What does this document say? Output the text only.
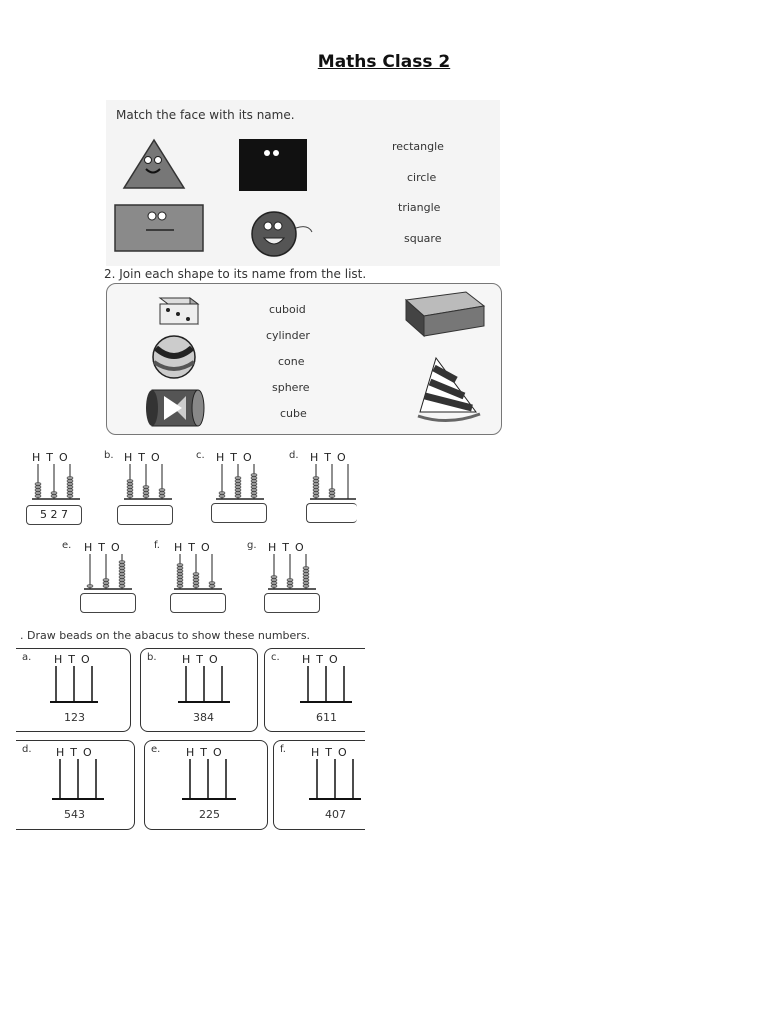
Maths Class 2
Match the face with its name.
rectangle
circle
triangle
square
2. Join each shape to its name from the list.
cuboid
cylinder
cone
sphere
cube
HTO
5 2 7
b. HTO	c. HTO	d. HTO
e. HTO	f. HTO	g. HTO
. Draw beads on the abacus to show these numbers.
a. HTO
123
b. HTO
384
c. HTO
611
d. HTO
543
e. HTO
225
f. HTO
407
